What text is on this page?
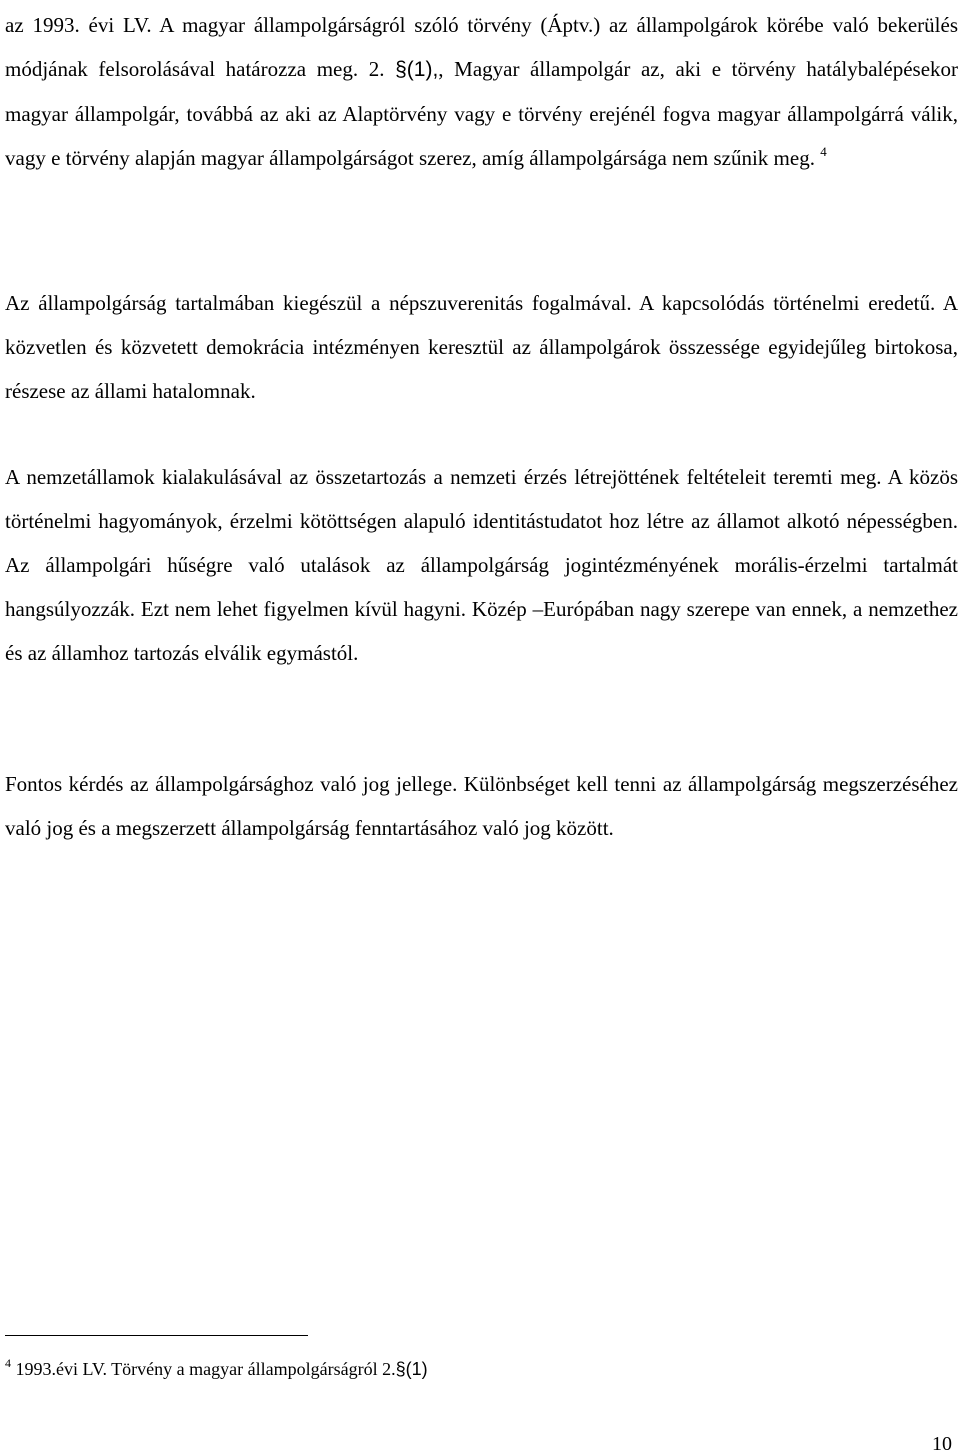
az 1993. évi LV. A magyar állampolgárságról szóló törvény (Áptv.) az állampolgárok körébe való bekerülés módjának felsorolásával határozza meg. 2. §(1),, Magyar állampolgár az, aki e törvény hatálybalépésekor magyar állampolgár, továbbá az aki az Alaptörvény vagy e törvény erejénél fogva magyar állampolgárrá válik, vagy e törvény alapján magyar állampolgárságot szerez, amíg állampolgársága nem szűnik meg. $^4$

Az állampolgárság tartalmában kiegészül a népszuverenitás fogalmával. A kapcsolódás történelmi eredetű. A közvetlen és közvetett demokrácia intézményen keresztül az állampolgárok összessége egyidejűleg birtokosa, részese az állami hatalomnak.

A nemzetállamok kialakulásával az összetartozás a nemzeti érzés létrejöttének feltételeit teremti meg. A közös történelmi hagyományok, érzelmi kötöttségen alapuló identitástudatot hoz létre az államot alkotó népességben. Az állampolgári hűségre való utalások az állampolgárság jogintézményének morális-érzelmi tartalmát hangsúlyozzák. Ezt nem lehet figyelmen kívül hagyni. Közép –Európában nagy szerepe van ennek, a nemzethez és az államhoz tartozás elválik egymástól.

Fontos kérdés az állampolgársághoz való jog jellege. Különbséget kell tenni az állampolgárság megszerzéséhez való jog és a megszerzett állampolgárság fenntartásához való jog között.

$^4$ 1993.évi LV. Törvény a magyar állampolgárságról 2.§(1)

10
